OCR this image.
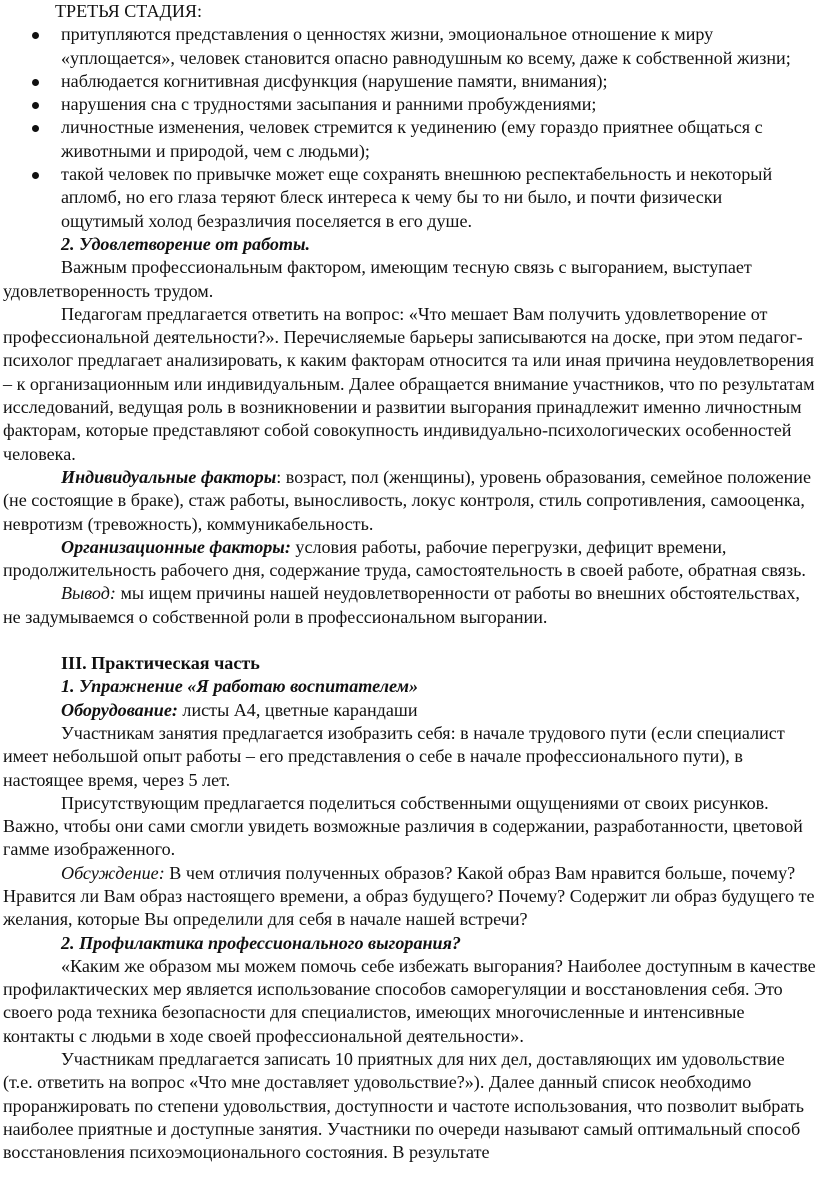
ТРЕТЬЯ СТАДИЯ:

притупляются представления о ценностях жизни, эмоциональное отношение к миру «уплощается», человек становится опасно равнодушным ко всему, даже к собственной жизни;
наблюдается когнитивная дисфункция (нарушение памяти, внимания);
нарушения сна с трудностями засыпания и ранними пробуждениями;
личностные изменения, человек стремится к уединению (ему гораздо приятнее общаться с животными и природой, чем с людьми);
такой человек по привычке может еще сохранять внешнюю респектабельность и некоторый апломб, но его глаза теряют блеск интереса к чему бы то ни было, и почти физически ощутимый холод безразличия поселяется в его душе.

2. Удовлетворение от работы.

Важным профессиональным фактором, имеющим тесную связь с выгоранием, выступает удовлетворенность трудом.

Педагогам предлагается ответить на вопрос: «Что мешает Вам получить удовлетворение от профессиональной деятельности?». Перечисляемые барьеры записываются на доске, при этом педагог-психолог предлагает анализировать, к каким факторам относится та или иная причина неудовлетворения – к организационным или индивидуальным. Далее обращается внимание участников, что по результатам исследований, ведущая роль в возникновении и развитии выгорания принадлежит именно личностным факторам, которые представляют собой совокупность индивидуально-психологических особенностей человека.

Индивидуальные факторы: возраст, пол (женщины), уровень образования, семейное положение (не состоящие в браке), стаж работы, выносливость, локус контроля, стиль сопротивления, самооценка, невротизм (тревожность), коммуникабельность.

Организационные факторы: условия работы, рабочие перегрузки, дефицит времени, продолжительность рабочего дня, содержание труда, самостоятельность в своей работе, обратная связь.

Вывод: мы ищем причины нашей неудовлетворенности от работы во внешних обстоятельствах, не задумываемся о собственной роли в профессиональном выгорании.

III. Практическая часть

1. Упражнение «Я работаю воспитателем»

Оборудование: листы А4, цветные карандаши

Участникам занятия предлагается изобразить себя: в начале трудового пути (если специалист имеет небольшой опыт работы – его представления о себе в начале профессионального пути), в настоящее время, через 5 лет.

Присутствующим предлагается поделиться собственными ощущениями от своих рисунков. Важно, чтобы они сами смогли увидеть возможные различия в содержании, разработанности, цветовой гамме изображенного.

Обсуждение: В чем отличия полученных образов? Какой образ Вам нравится больше, почему? Нравится ли Вам образ настоящего времени, а образ будущего? Почему? Содержит ли образ будущего те желания, которые Вы определили для себя в начале нашей встречи?

2. Профилактика профессионального выгорания?

«Каким же образом мы можем помочь себе избежать выгорания? Наиболее доступным в качестве профилактических мер является использование способов саморегуляции и восстановления себя. Это своего рода техника безопасности для специалистов, имеющих многочисленные и интенсивные контакты с людьми в ходе своей профессиональной деятельности».

Участникам предлагается записать 10 приятных для них дел, доставляющих им удовольствие (т.е. ответить на вопрос «Что мне доставляет удовольствие?»). Далее данный список необходимо проранжировать по степени удовольствия, доступности и частоте использования, что позволит выбрать наиболее приятные и доступные занятия. Участники по очереди называют самый оптимальный способ восстановления психоэмоционального состояния. В результате
